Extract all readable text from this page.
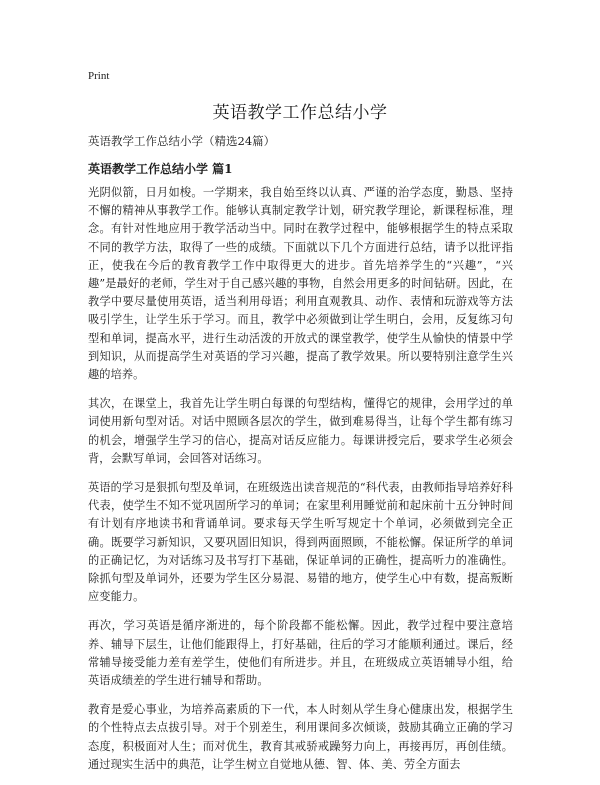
Print
英语教学工作总结小学
英语教学工作总结小学（精选24篇）
英语教学工作总结小学 篇1

光阴似箭，日月如梭。一学期来，我自始至终以认真、严谨的治学态度，勤恳、坚持不懈的精神从事教学工作。能够认真制定教学计划，研究教学理论，新课程标准，理念。有针对性地应用于教学活动当中。同时在教学过程中，能够根据学生的特点采取不同的教学方法，取得了一些的成绩。下面就以下几个方面进行总结，请予以批评指正，使我在今后的教育教学工作中取得更大的进步。首先培养学生的“兴趣”，“兴趣”是最好的老师，学生对于自己感兴趣的事物，自然会用更多的时间钻研。因此，在教学中要尽量使用英语，适当利用母语；利用直观教具、动作、表情和玩游戏等方法吸引学生，让学生乐于学习。而且，教学中必须做到让学生明白，会用，反复练习句型和单词，提高水平，进行生动活泼的开放式的课堂教学，使学生从愉快的情景中学到知识，从而提高学生对英语的学习兴趣，提高了教学效果。所以要特别注意学生兴趣的培养。

其次，在课堂上，我首先让学生明白每课的句型结构，懂得它的规律，会用学过的单词使用新句型对话。对话中照顾各层次的学生，做到难易得当，让每个学生都有练习的机会，增强学生学习的信心，提高对话反应能力。每课讲授完后，要求学生必须会背，会默写单词，会回答对话练习。

英语的学习是狠抓句型及单词，在班级选出读音规范的“科代表，由教师指导培养好科代表，使学生不知不觉巩固所学习的单词；在家里利用睡觉前和起床前十五分钟时间有计划有序地读书和背诵单词。要求每天学生听写规定十个单词，必须做到完全正确。既要学习新知识，又要巩固旧知识，得到两面照顾，不能松懈。保证所学的单词的正确记忆，为对话练习及书写打下基础，保证单词的正确性，提高听力的准确性。除抓句型及单词外，还要为学生区分易混、易错的地方，使学生心中有数，提高叛断应变能力。

再次，学习英语是循序渐进的，每个阶段都不能松懈。因此，教学过程中要注意培养、辅导下层生，让他们能跟得上，打好基础，往后的学习才能顺利通过。课后，经常辅导接受能力差有差学生，使他们有所进步。并且，在班级成立英语辅导小组，给英语成绩差的学生进行辅导和帮助。

教育是爱心事业，为培养高素质的下一代，本人时刻从学生身心健康出发，根据学生的个性特点去点拔引导。对于个别差生，利用课间多次倾谈，鼓励其确立正确的学习态度，积极面对人生；而对优生，教育其戒骄戒躁努力向上，再接再厉，再创佳绩。通过现实生活中的典范，让学生树立自觉地从德、智、体、美、劳全方面去
